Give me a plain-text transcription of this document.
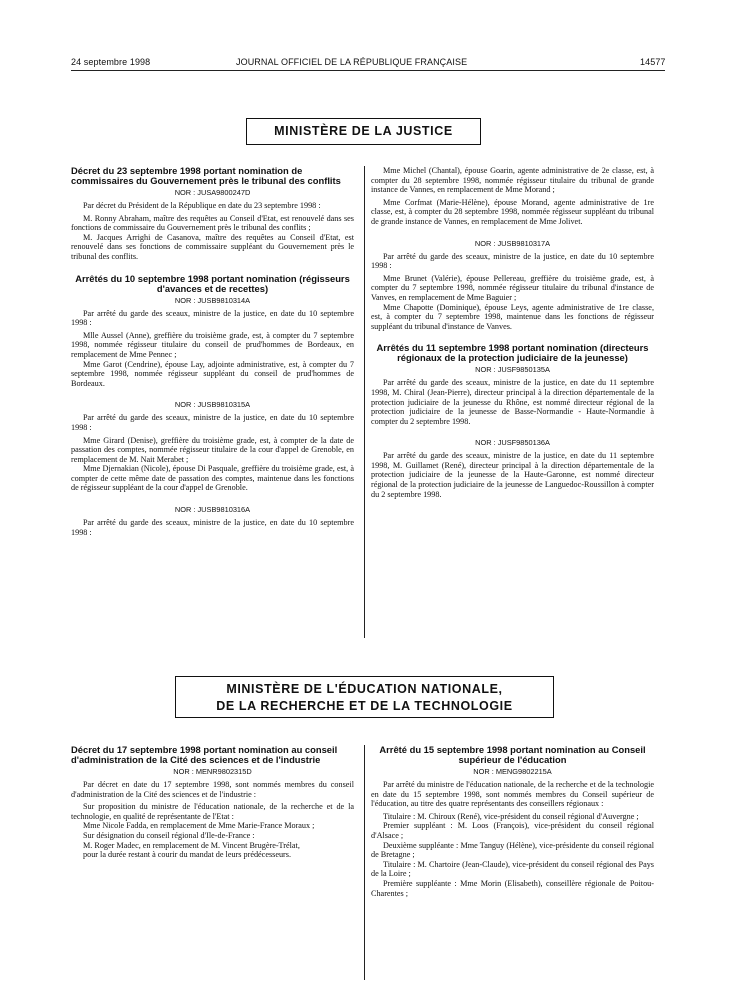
24 septembre 1998	JOURNAL OFFICIEL DE LA RÉPUBLIQUE FRANÇAISE	14577
MINISTÈRE DE LA JUSTICE
Décret du 23 septembre 1998 portant nomination de commissaires du Gouvernement près le tribunal des conflits
NOR : JUSA9800247D

Par décret du Président de la République en date du 23 septembre 1998 :

M. Ronny Abraham, maître des requêtes au Conseil d'Etat, est renouvelé dans ses fonctions de commissaire du Gouvernement près le tribunal des conflits ;

M. Jacques Arrighi de Casanova, maître des requêtes au Conseil d'Etat, est renouvelé dans ses fonctions de commissaire suppléant du Gouvernement près le tribunal des conflits.

Arrêtés du 10 septembre 1998 portant nomination (régisseurs d'avances et de recettes)
NOR : JUSB9810314A

Par arrêté du garde des sceaux, ministre de la justice, en date du 10 septembre 1998 :

Mlle Aussel (Anne), greffière du troisième grade, est, à compter du 7 septembre 1998, nommée régisseur titulaire du conseil de prud'hommes de Bordeaux, en remplacement de Mme Pennec ;

Mme Garot (Cendrine), épouse Lay, adjointe administrative, est, à compter du 7 septembre 1998, nommée régisseur suppléant du conseil de prud'hommes de Bordeaux.

NOR : JUSB9810315A

Par arrêté du garde des sceaux, ministre de la justice, en date du 10 septembre 1998 :

Mme Girard (Denise), greffière du troisième grade, est, à compter de la date de passation des comptes, nommée régisseur titulaire de la cour d'appel de Grenoble, en remplacement de M. Nait Merabet ;

Mme Djernakian (Nicole), épouse Di Pasquale, greffière du troisième grade, est, à compter de cette même date de passation des comptes, maintenue dans les fonctions de régisseur suppléant de la cour d'appel de Grenoble.

NOR : JUSB9810316A

Par arrêté du garde des sceaux, ministre de la justice, en date du 10 septembre 1998 :

Mme Michel (Chantal), épouse Goarin, agente administrative de 2e classe, est, à compter du 28 septembre 1998, nommée régisseur titulaire du tribunal de grande instance de Vannes, en remplacement de Mme Morand ;

Mme Corfmat (Marie-Hélène), épouse Morand, agente administrative de 1re classe, est, à compter du 28 septembre 1998, nommée régisseur suppléant du tribunal de grande instance de Vannes, en remplacement de Mme Jolivet.

NOR : JUSB9810317A

Par arrêté du garde des sceaux, ministre de la justice, en date du 10 septembre 1998 :

Mme Brunet (Valérie), épouse Pellereau, greffière du troisième grade, est, à compter du 7 septembre 1998, nommée régisseur titulaire du tribunal d'instance de Vanves, en remplacement de Mme Baguier ;

Mme Chapotte (Dominique), épouse Leys, agente administrative de 1re classe, est, à compter du 7 septembre 1998, maintenue dans les fonctions de régisseur suppléant du tribunal d'instance de Vanves.

Arrêtés du 11 septembre 1998 portant nomination (directeurs régionaux de la protection judiciaire de la jeunesse)
NOR : JUSF9850135A

Par arrêté du garde des sceaux, ministre de la justice, en date du 11 septembre 1998, M. Chiral (Jean-Pierre), directeur principal à la direction départementale de la protection judiciaire de la jeunesse du Rhône, est nommé directeur régional de la protection judiciaire de la jeunesse de Basse-Normandie - Haute-Normandie à compter du 2 septembre 1998.

NOR : JUSF9850136A

Par arrêté du garde des sceaux, ministre de la justice, en date du 11 septembre 1998, M. Guillamet (René), directeur principal à la direction départementale de la protection judiciaire de la jeunesse de la Haute-Garonne, est nommé directeur régional de la protection judiciaire de la jeunesse de Languedoc-Roussillon à compter du 2 septembre 1998.

MINISTÈRE DE L'ÉDUCATION NATIONALE,
DE LA RECHERCHE ET DE LA TECHNOLOGIE
Décret du 17 septembre 1998 portant nomination au conseil d'administration de la Cité des sciences et de l'industrie
NOR : MENR9802315D

Par décret en date du 17 septembre 1998, sont nommés membres du conseil d'administration de la Cité des sciences et de l'industrie :

Sur proposition du ministre de l'éducation nationale, de la recherche et de la technologie, en qualité de représentante de l'Etat :

Mme Nicole Fadda, en remplacement de Mme Marie-France Moraux ;

Sur désignation du conseil régional d'Ile-de-France :

M. Roger Madec, en remplacement de M. Vincent Brugère-Trélat,

pour la durée restant à courir du mandat de leurs prédécesseurs.

Arrêté du 15 septembre 1998 portant nomination au Conseil supérieur de l'éducation
NOR : MENG9802215A

Par arrêté du ministre de l'éducation nationale, de la recherche et de la technologie en date du 15 septembre 1998, sont nommés membres du Conseil supérieur de l'éducation, au titre des quatre représentants des conseillers régionaux :

Titulaire : M. Chiroux (René), vice-président du conseil régional d'Auvergne ;

Premier suppléant : M. Loos (François), vice-président du conseil régional d'Alsace ;

Deuxième suppléante : Mme Tanguy (Hélène), vice-présidente du conseil régional de Bretagne ;

Titulaire : M. Chartoire (Jean-Claude), vice-président du conseil régional des Pays de la Loire ;

Première suppléante : Mme Morin (Elisabeth), conseillère régionale de Poitou-Charentes ;
